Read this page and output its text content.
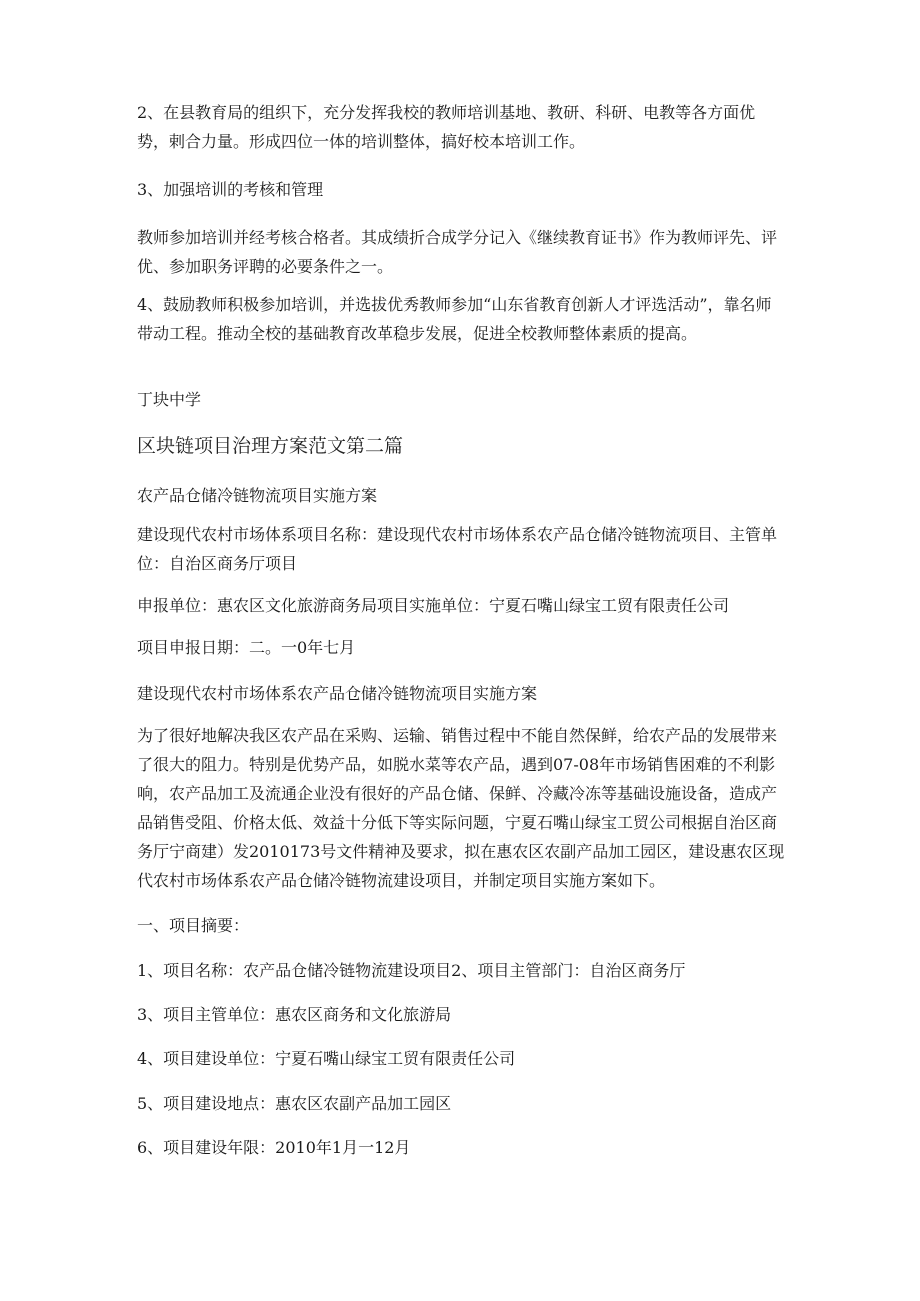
2、在县教育局的组织下，充分发挥我校的教师培训基地、教研、科研、电教等各方面优势，剌合力量。形成四位一体的培训整体，搞好校本培训工作。

3、加强培训的考核和管理

教师参加培训并经考核合格者。其成绩折合成学分记入《继续教育证书》作为教师评先、评优、参加职务评聘的必要条件之一。

4、鼓励教师积极参加培训，并选拔优秀教师参加“山东省教育创新人才评选活动”，靠名师带动工程。推动全校的基础教育改革稳步发展，促进全校教师整体素质的提高。

丁块中学

区块链项目治理方案范文第二篇

农产品仓储冷链物流项目实施方案

建设现代农村市场体系项目名称：建设现代农村市场体系农产品仓储冷链物流项目、主管单位：自治区商务厅项目

申报单位：惠农区文化旅游商务局项目实施单位：宁夏石嘴山绿宝工贸有限责任公司

项目申报日期：二。一0年七月

建设现代农村市场体系农产品仓储冷链物流项目实施方案

为了很好地解决我区农产品在采购、运输、销售过程中不能自然保鲜，给农产品的发展带来了很大的阻力。特别是优势产品，如脱水菜等农产品，遇到07-08年市场销售困难的不利影响，农产品加工及流通企业没有很好的产品仓储、保鲜、冷藏冷冻等基础设施设备，造成产品销售受阻、价格太低、效益十分低下等实际问题，宁夏石嘴山绿宝工贸公司根据自治区商务厅宁商建）发2010173号文件精神及要求，拟在惠农区农副产品加工园区，建设惠农区现代农村市场体系农产品仓储冷链物流建设项目，并制定项目实施方案如下。

一、项目摘要：

1、项目名称：农产品仓储冷链物流建设项目2、项目主管部门：自治区商务厅

3、项目主管单位：惠农区商务和文化旅游局

4、项目建设单位：宁夏石嘴山绿宝工贸有限责任公司

5、项目建设地点：惠农区农副产品加工园区

6、项目建设年限：2010年1月一12月
